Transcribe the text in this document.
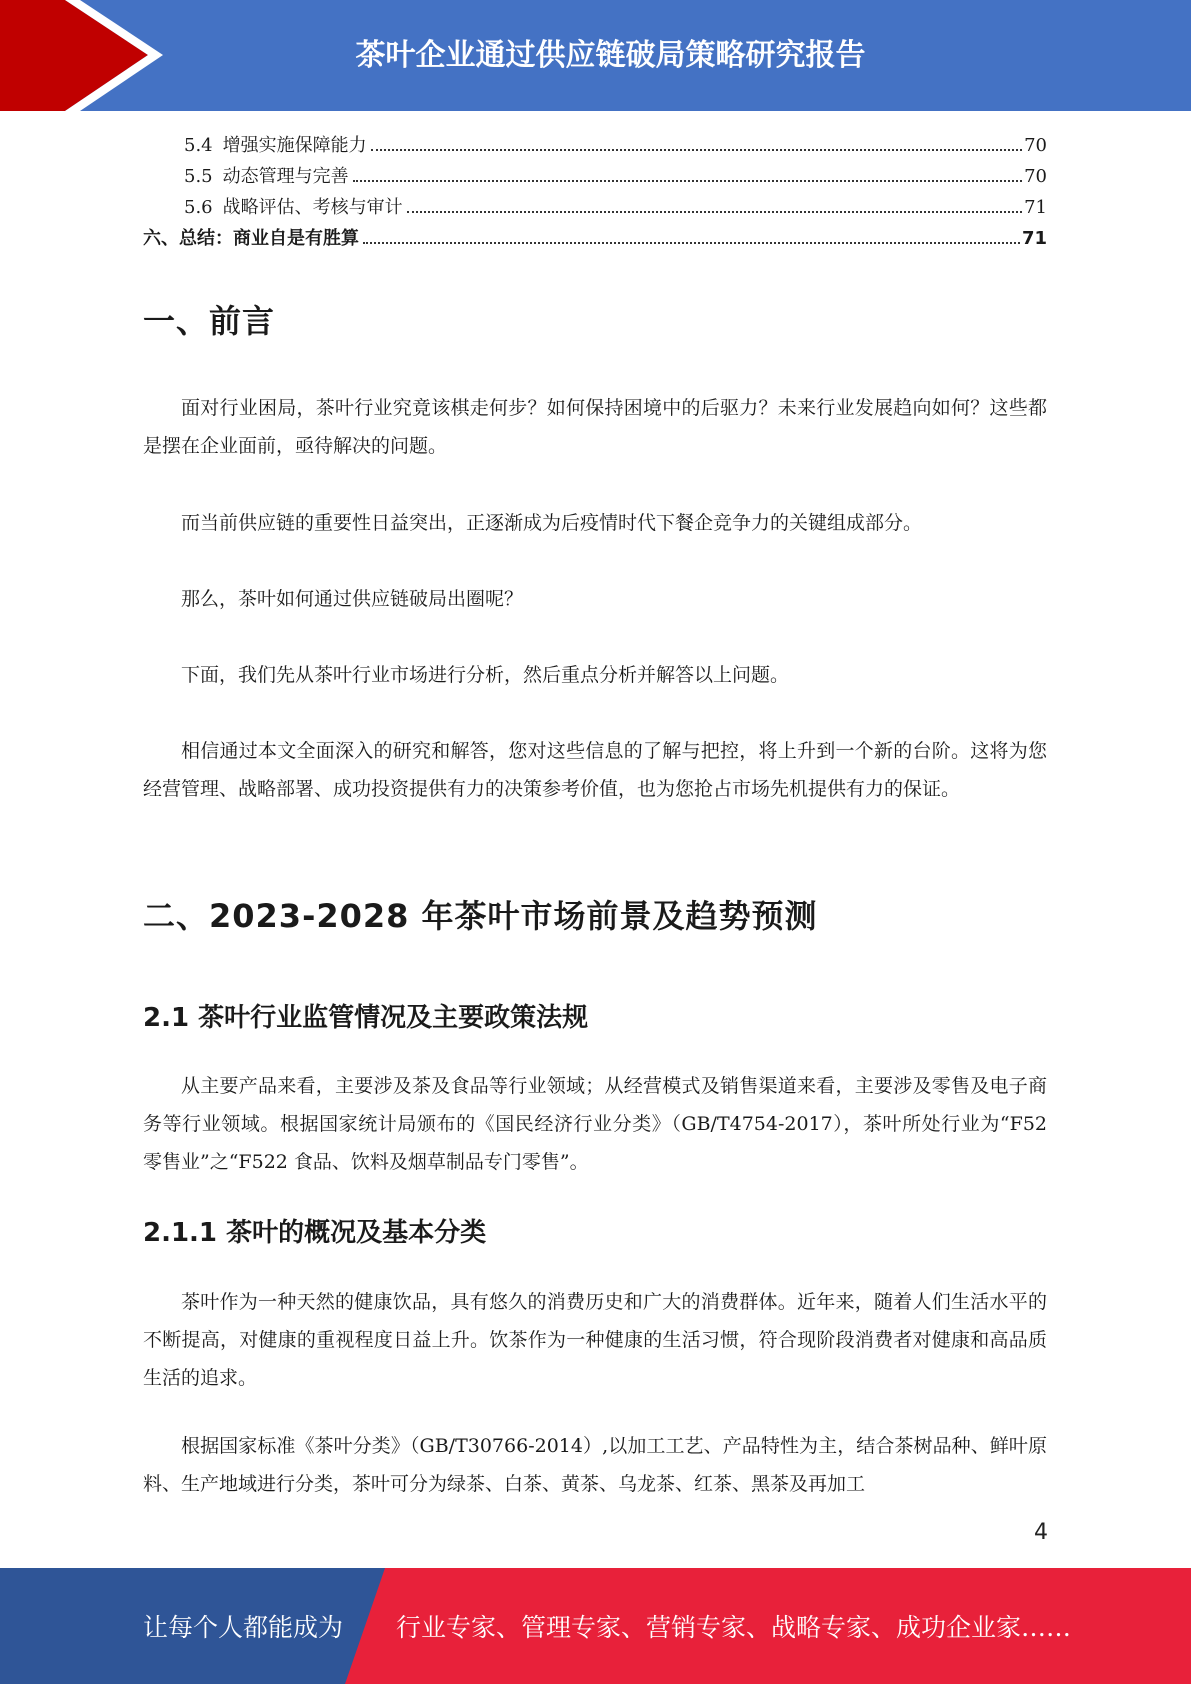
茶叶企业通过供应链破局策略研究报告
5.4 增强实施保障能力	70
5.5 动态管理与完善	70
5.6 战略评估、考核与审计	71
六、总结：商业自是有胜算	71
一、前言

面对行业困局，茶叶行业究竟该棋走何步？如何保持困境中的后驱力？未来行业发展趋向如何？这些都是摆在企业面前，亟待解决的问题。

而当前供应链的重要性日益突出，正逐渐成为后疫情时代下餐企竞争力的关键组成部分。

那么，茶叶如何通过供应链破局出圈呢？

下面，我们先从茶叶行业市场进行分析，然后重点分析并解答以上问题。

相信通过本文全面深入的研究和解答，您对这些信息的了解与把控，将上升到一个新的台阶。这将为您经营管理、战略部署、成功投资提供有力的决策参考价值，也为您抢占市场先机提供有力的保证。

二、2023-2028 年茶叶市场前景及趋势预测
2.1 茶叶行业监管情况及主要政策法规

从主要产品来看，主要涉及茶及食品等行业领域；从经营模式及销售渠道来看，主要涉及零售及电子商务等行业领域。根据国家统计局颁布的《国民经济行业分类》（GB/T4754-2017），茶叶所处行业为“F52 零售业”之“F522 食品、饮料及烟草制品专门零售”。

2.1.1 茶叶的概况及基本分类

茶叶作为一种天然的健康饮品，具有悠久的消费历史和广大的消费群体。近年来，随着人们生活水平的不断提高，对健康的重视程度日益上升。饮茶作为一种健康的生活习惯，符合现阶段消费者对健康和高品质生活的追求。

根据国家标准《茶叶分类》（GB/T30766-2014）,以加工工艺、产品特性为主，结合茶树品种、鲜叶原料、生产地域进行分类，茶叶可分为绿茶、白茶、黄茶、乌龙茶、红茶、黑茶及再加工

4
让每个人都能成为 行业专家、管理专家、营销专家、战略专家、成功企业家……
